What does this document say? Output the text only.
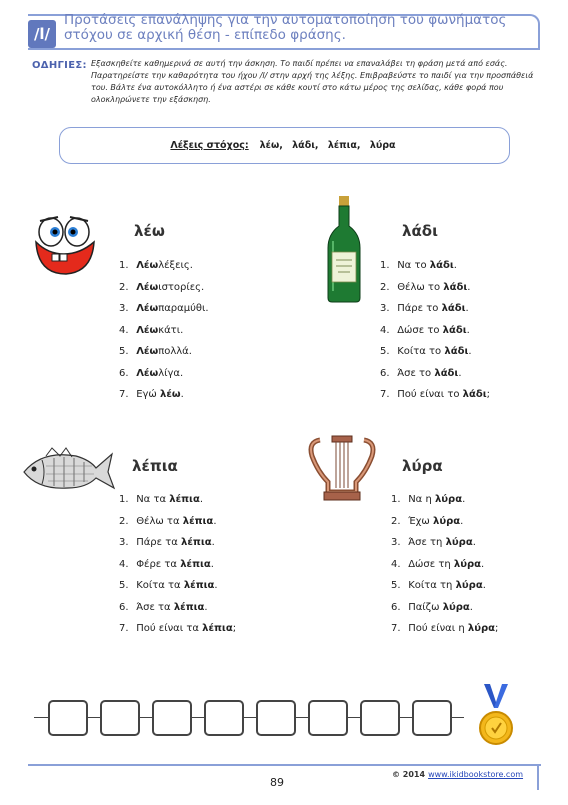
/l/
Προτάσεις επανάληψης για την αυτοματοποίηση του φωνήματος στόχου σε αρχική θέση - επίπεδο φράσης.
ΟΔΗΓΙΕΣ: Εξασκηθείτε καθημερινά σε αυτή την άσκηση. Το παιδί πρέπει να επαναλάβει τη φράση μετά από εσάς. Παρατηρείστε την καθαρότητα του ήχου /l/ στην αρχή της λέξης. Επιβραβεύστε το παιδί για την προσπάθειά του. Βάλτε ένα αυτοκόλλητο ή ένα αστέρι σε κάθε κουτί στο κάτω μέρος της σελίδας, κάθε φορά που ολοκληρώνετε την εξάσκηση.
Λέξεις στόχος:	λέω, λάδι, λέπια, λύρα
λέω
1.
Λέω λέξεις.
2.
Λέω ιστορίες.
3.
Λέω παραμύθι.
4.
Λέω κάτι.
5.
Λέω πολλά.
6.
Λέω λίγα.
7.
Εγώ
λέω .
λάδι
1.
Να το
λάδι .
2.
Θέλω το
λάδι .
3.
Πάρε το
λάδι .
4.
Δώσε το
λάδι .
5.
Κοίτα το
λάδι .
6.
Άσε το
λάδι .
7.
Πού είναι το
λάδι ;
λέπια
1.
Να τα
λέπια .
2.
Θέλω τα
λέπια .
3.
Πάρε τα
λέπια .
4.
Φέρε τα
λέπια .
5.
Κοίτα τα
λέπια .
6.
Άσε τα
λέπια .
7.
Πού είναι τα
λέπια ;
λύρα
1.
Να η
λύρα .
2.
Έχω
λύρα .
3.
Άσε τη
λύρα .
4.
Δώσε τη
λύρα .
5.
Κοίτα τη
λύρα .
6.
Παίζω
λύρα .
7.
Πού είναι η
λύρα ;
89
© 2014 www.ikidbookstore.com
